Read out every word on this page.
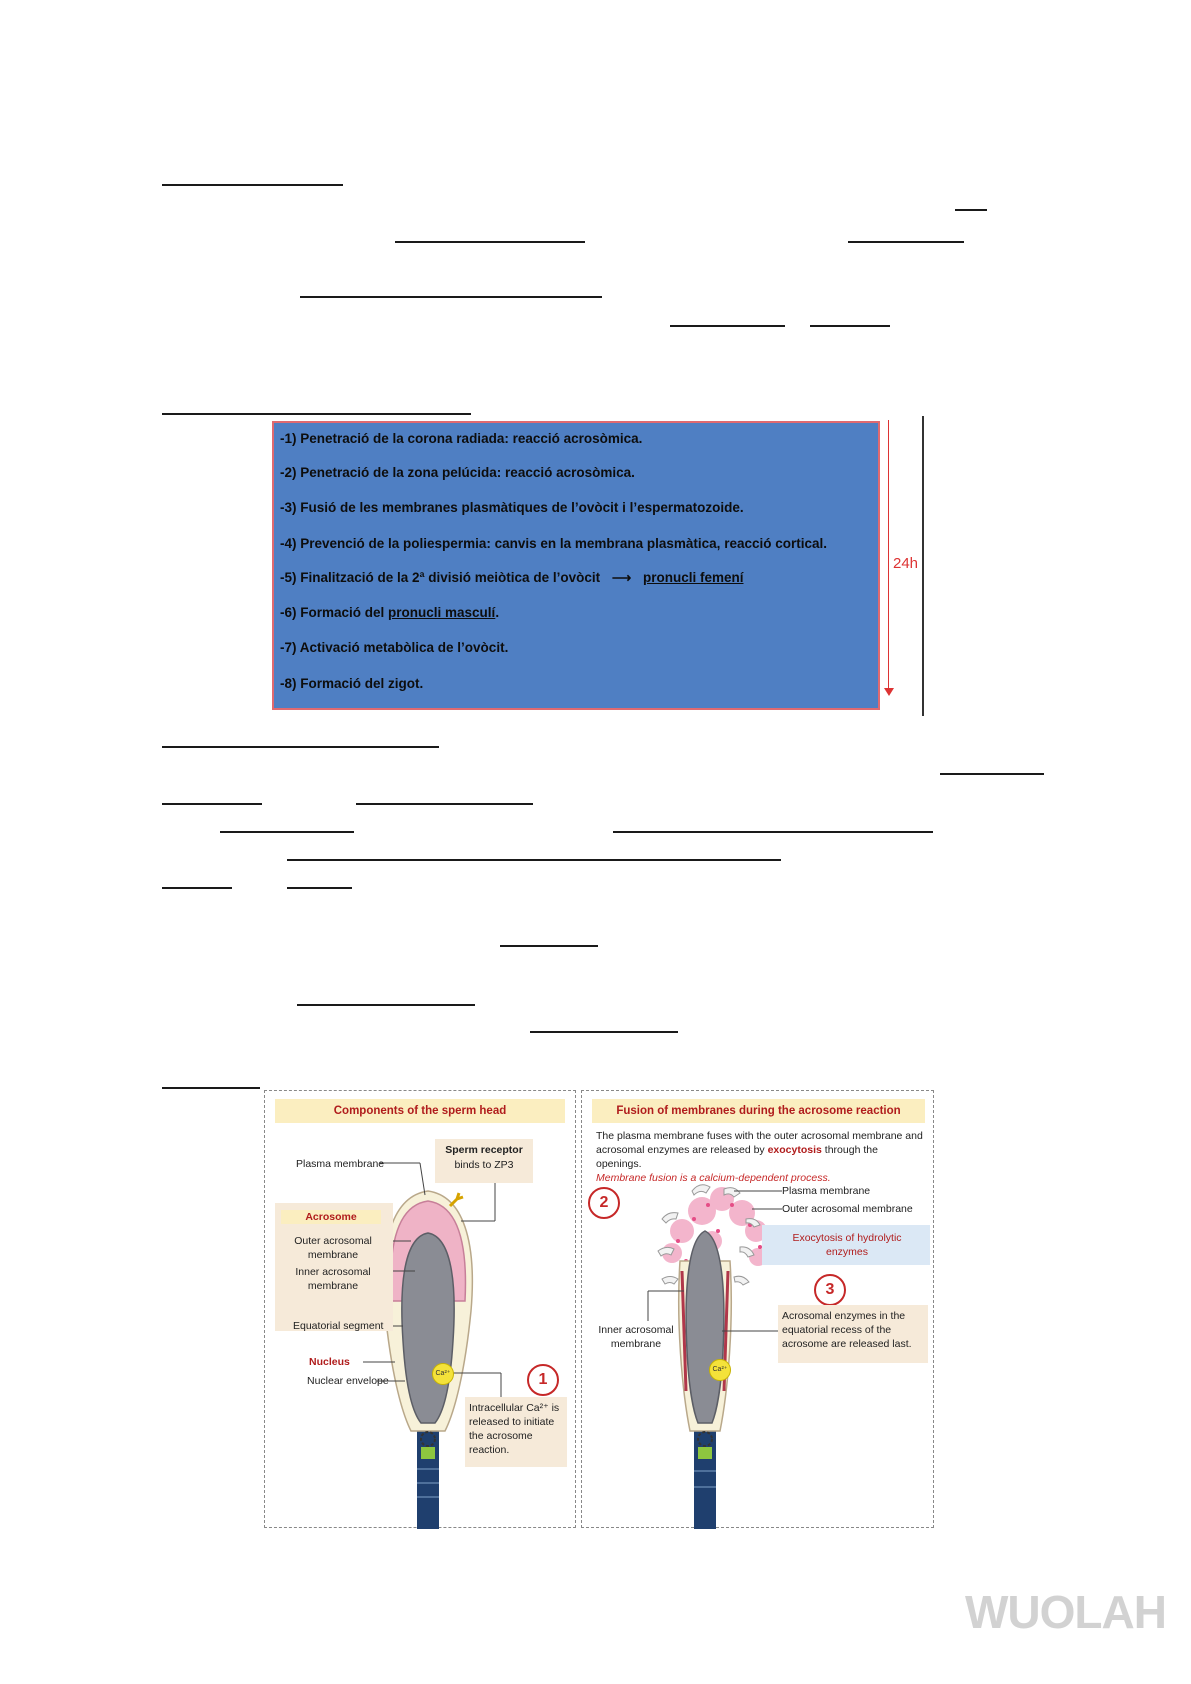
-1) Penetració de la corona radiada: reacció acrosòmica.
-2) Penetració de la zona pelúcida: reacció acrosòmica.
-3) Fusió de les membranes plasmàtiques de l’ovòcit i l’espermatozoide.
-4) Prevenció de la poliespermia: canvis en la membrana plasmàtica, reacció cortical.
-5) Finalització de la 2ª divisió meiòtica de l’ovòcit ⟶ pronucli femení
-6) Formació del pronucli masculí.
-7) Activació metabòlica de l’ovòcit.
-8) Formació del zigot.
24h
Components of the sperm head
Plasma membrane
Sperm receptor
binds to ZP3
Acrosome
Outer acrosomal membrane
Inner acrosomal membrane
Equatorial segment
Nucleus
Nuclear envelope
Ca²⁺	1
Intracellular Ca²⁺ is released to initiate the acrosome reaction.
Fusion of membranes during the acrosome reaction
The plasma membrane fuses with the outer acrosomal membrane and acrosomal enzymes are released by exocytosis through the openings.
Membrane fusion is a calcium-dependent process.
2
Plasma membrane
Outer acrosomal membrane
Exocytosis of hydrolytic enzymes
3
Acrosomal enzymes in the equatorial recess of the acrosome are released last.
Inner acrosomal membrane
Ca²⁺
WUOLAH
